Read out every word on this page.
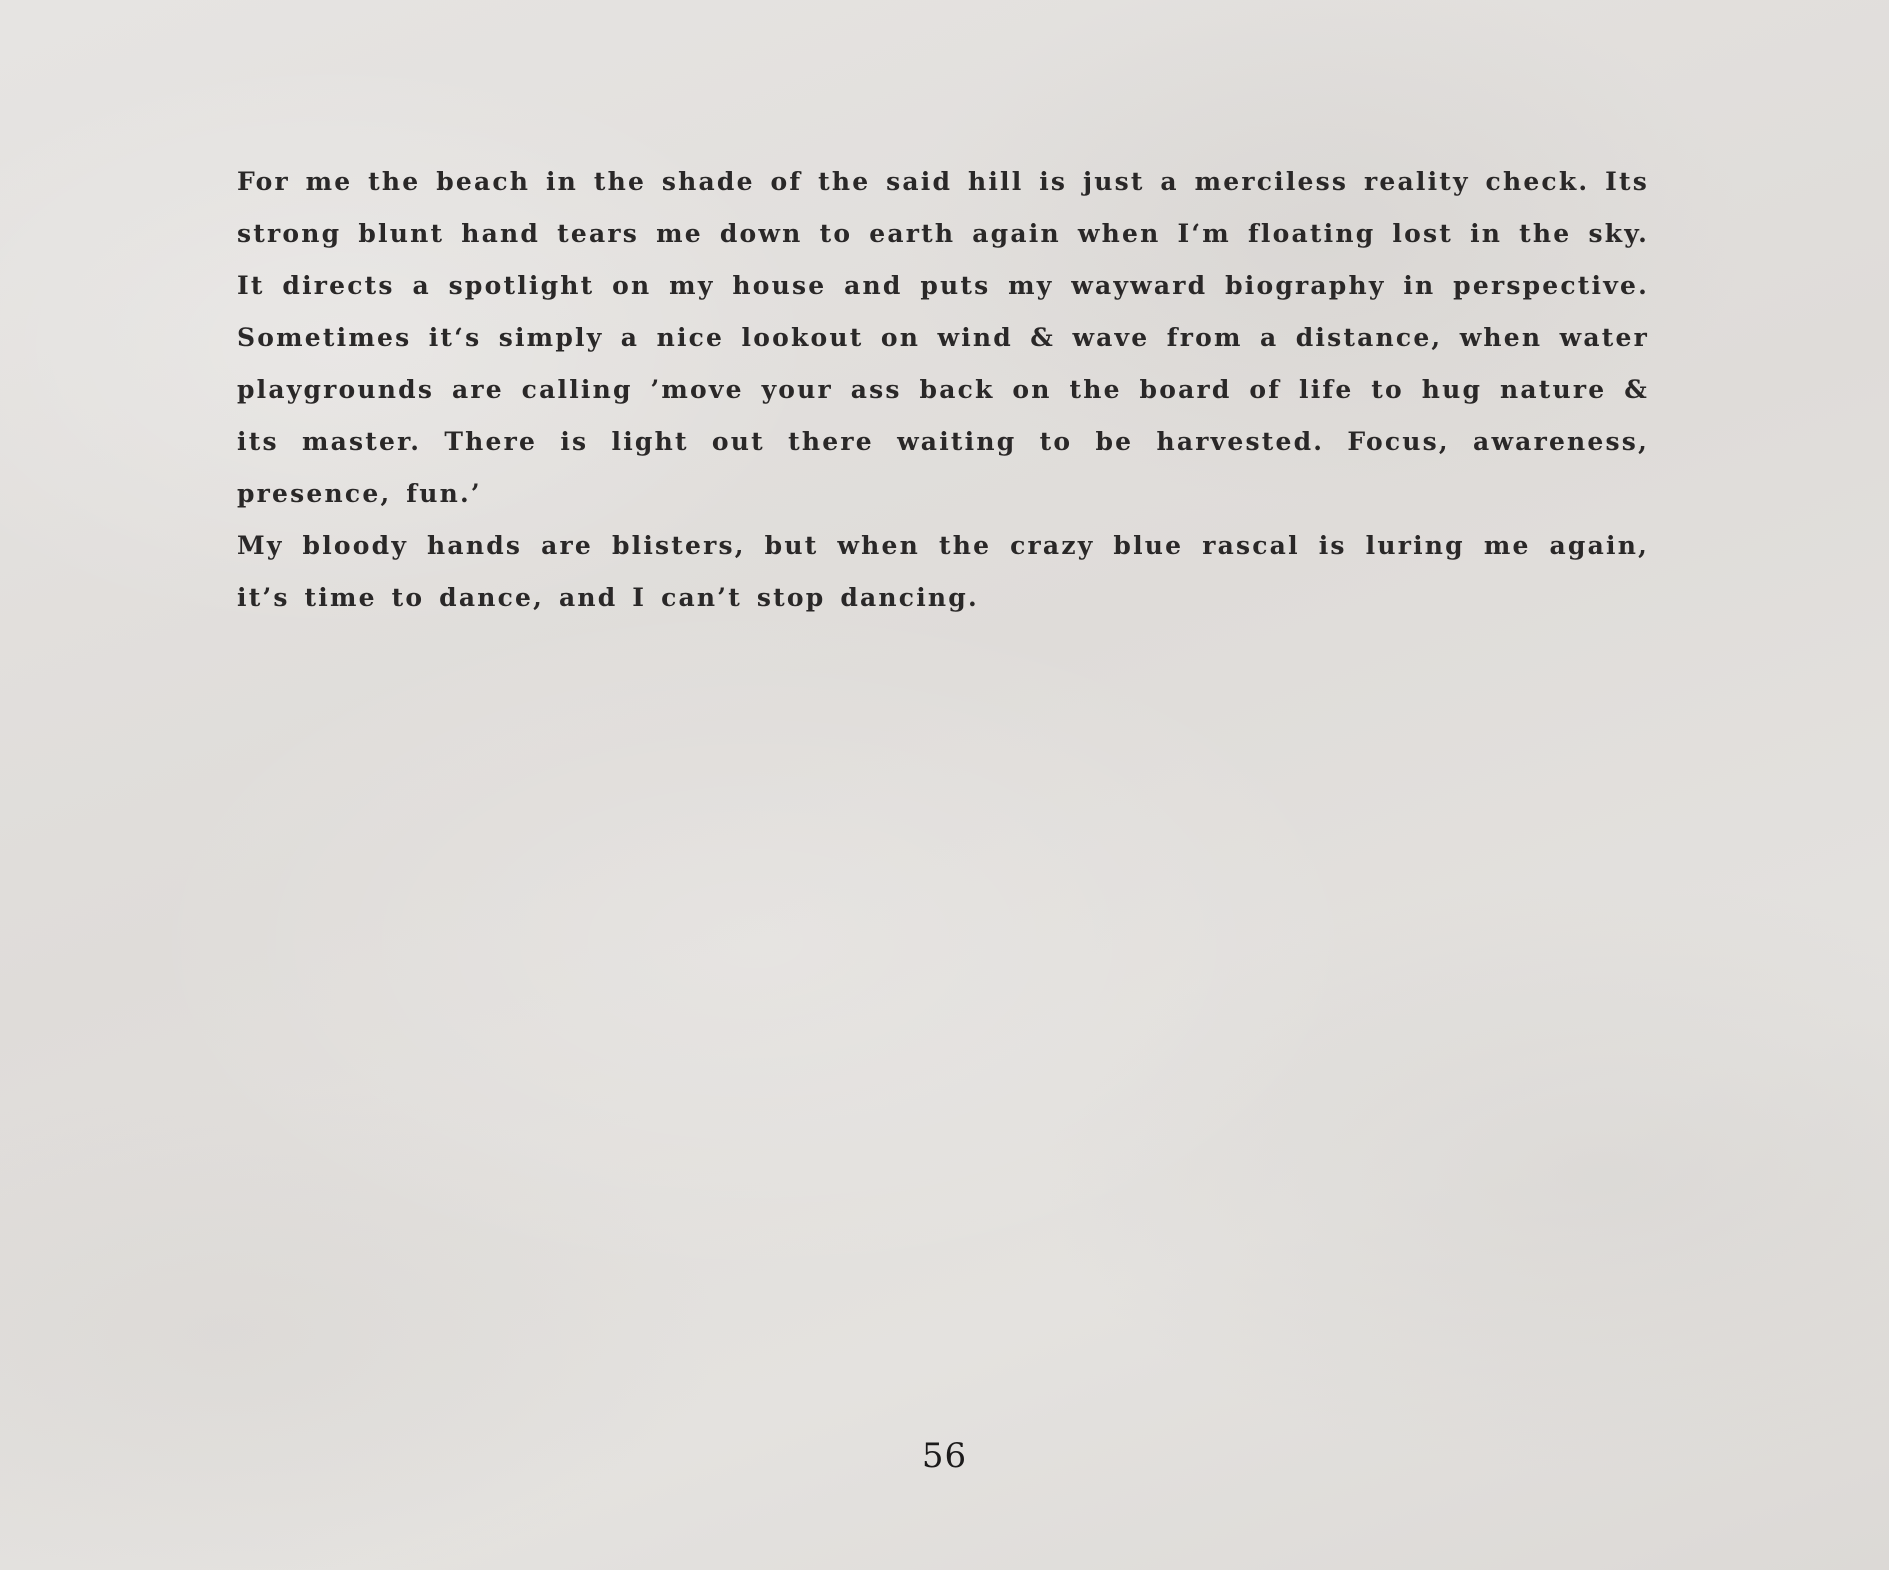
For me the beach in the shade of the said hill is just a merciless reality check. Its strong blunt hand tears me down to earth again when I‘m floating lost in the sky. It directs a spotlight on my house and puts my wayward biography in perspective. Sometimes it‘s simply a nice lookout on wind & wave from a distance, when water playgrounds are calling ’move your ass back on the board of life to hug nature & its master. There is light out there waiting to be harvested. Focus, awareness, presence, fun.’

My bloody hands are blisters, but when the crazy blue rascal is luring me again, it’s time to dance, and I can’t stop dancing.

56
